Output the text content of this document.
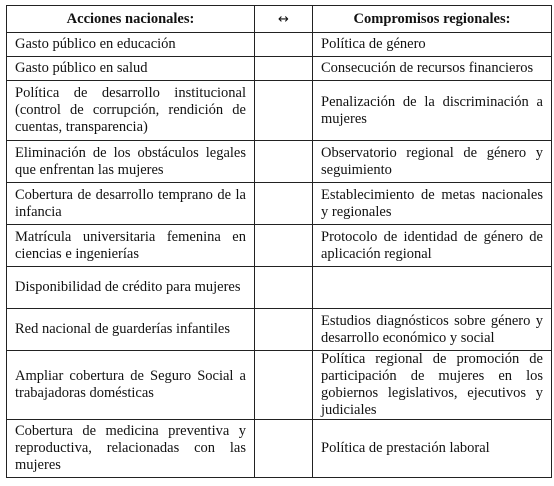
Acciones nacionales:	↔	Compromisos regionales:
Gasto público en educación		Política de género
Gasto público en salud		Consecución de recursos financieros
Política de desarrollo institucional (control de corrupción, rendición de cuentas, transparencia)		Penalización de la discriminación a mujeres
Eliminación de los obstáculos legales que enfrentan las mujeres		Observatorio regional de género y seguimiento
Cobertura de desarrollo temprano de la infancia		Establecimiento de metas nacionales y regionales
Matrícula universitaria femenina en ciencias e ingenierías		Protocolo de identidad de género de aplicación regional
Disponibilidad de crédito para mujeres		
Red nacional de guarderías infantiles		Estudios diagnósticos sobre género y desarrollo económico y social
Ampliar cobertura de Seguro Social a trabajadoras domésticas		Política regional de promoción de participación de mujeres en los gobiernos legislativos, ejecutivos y judiciales
Cobertura de medicina preventiva y reproductiva, relacionadas con las mujeres		Política de prestación laboral
